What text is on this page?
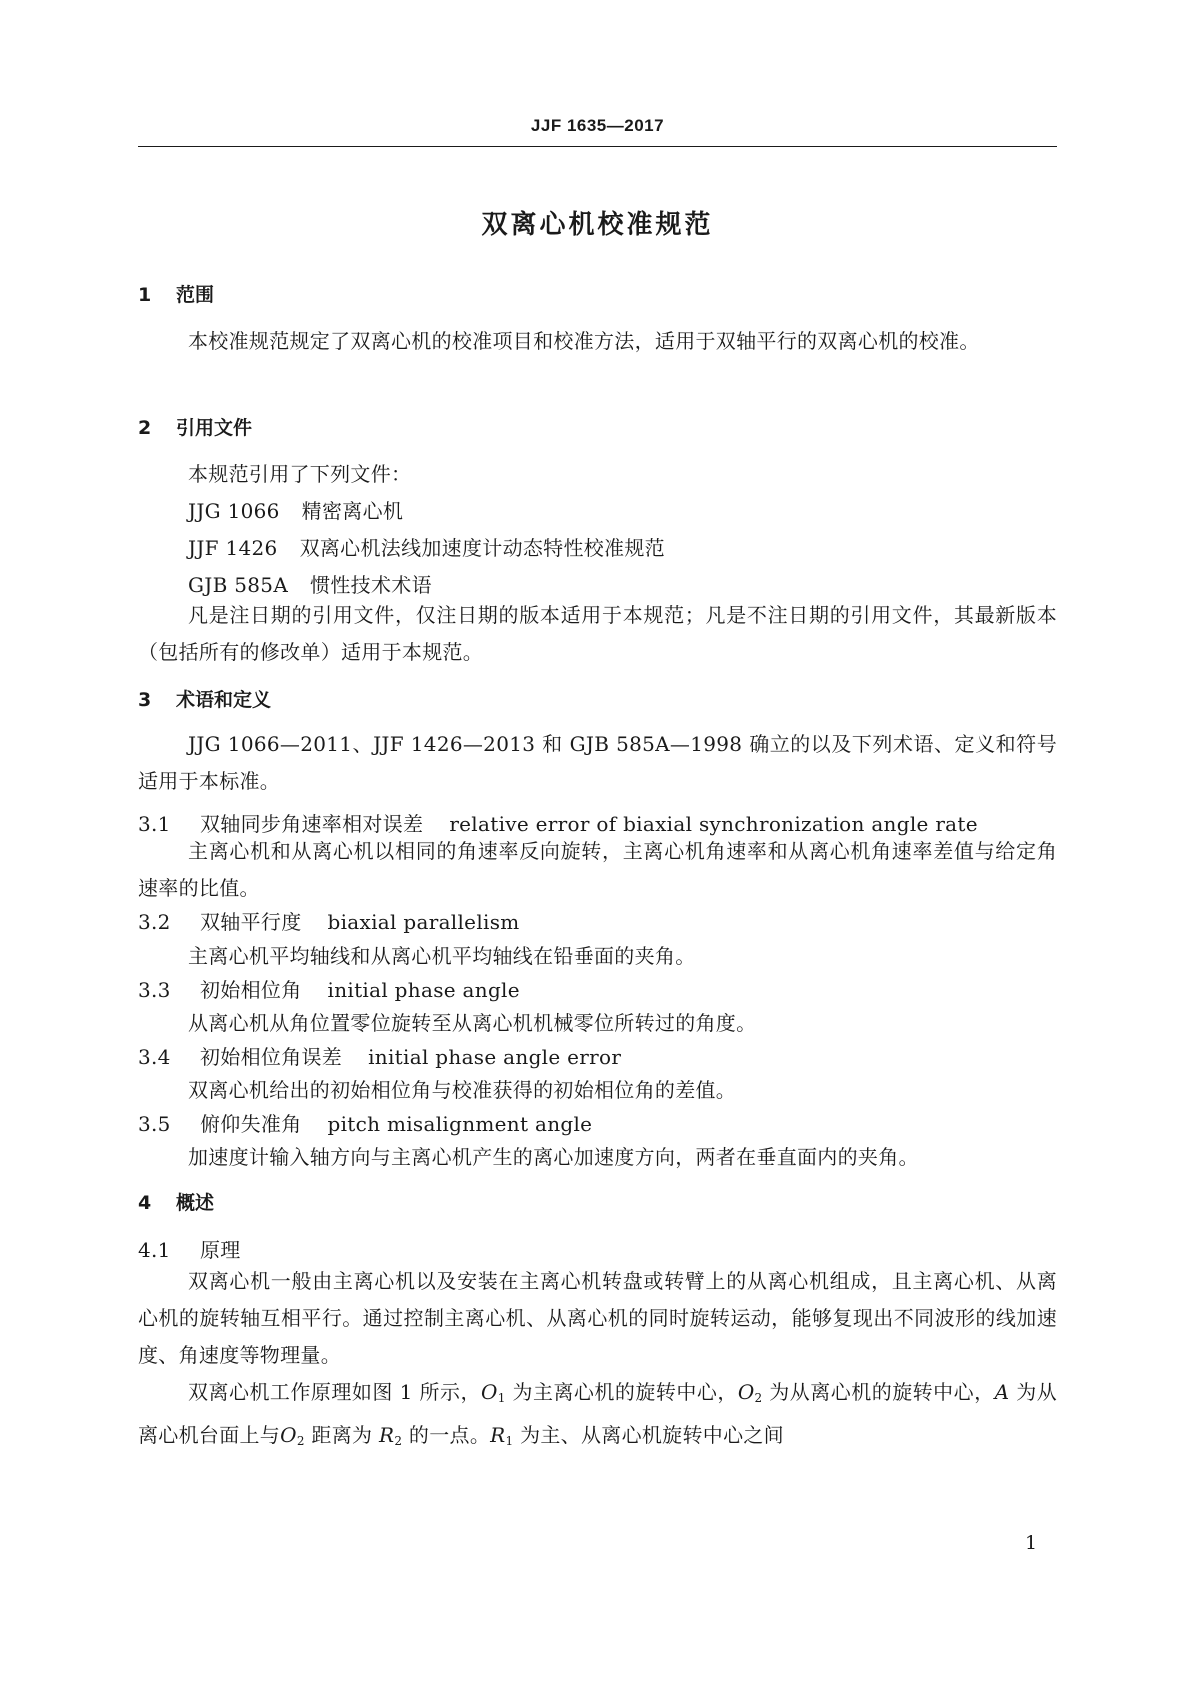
JJF 1635—2017
双离心机校准规范
1 范围
本校准规范规定了双离心机的校准项目和校准方法，适用于双轴平行的双离心机的校准。
2 引用文件
本规范引用了下列文件：
JJG 1066 精密离心机
JJF 1426 双离心机法线加速度计动态特性校准规范
GJB 585A 惯性技术术语
凡是注日期的引用文件，仅注日期的版本适用于本规范；凡是不注日期的引用文件，其最新版本（包括所有的修改单）适用于本规范。
3 术语和定义
JJG 1066—2011、JJF 1426—2013 和 GJB 585A—1998 确立的以及下列术语、定义和符号适用于本标准。
3.1 双轴同步角速率相对误差 relative error of biaxial synchronization angle rate
主离心机和从离心机以相同的角速率反向旋转，主离心机角速率和从离心机角速率差值与给定角速率的比值。
3.2 双轴平行度 biaxial parallelism
主离心机平均轴线和从离心机平均轴线在铅垂面的夹角。
3.3 初始相位角 initial phase angle
从离心机从角位置零位旋转至从离心机机械零位所转过的角度。
3.4 初始相位角误差 initial phase angle error
双离心机给出的初始相位角与校准获得的初始相位角的差值。
3.5 俯仰失准角 pitch misalignment angle
加速度计输入轴方向与主离心机产生的离心加速度方向，两者在垂直面内的夹角。
4 概述
4.1 原理
双离心机一般由主离心机以及安装在主离心机转盘或转臂上的从离心机组成，且主离心机、从离心机的旋转轴互相平行。通过控制主离心机、从离心机的同时旋转运动，能够复现出不同波形的线加速度、角速度等物理量。
双离心机工作原理如图 1 所示，$O_1$ 为主离心机的旋转中心，$O_2$ 为从离心机的旋转中心，A 为从离心机台面上与$O_2$ 距离为 $R_2$ 的一点。$R_1$ 为主、从离心机旋转中心之间
1
